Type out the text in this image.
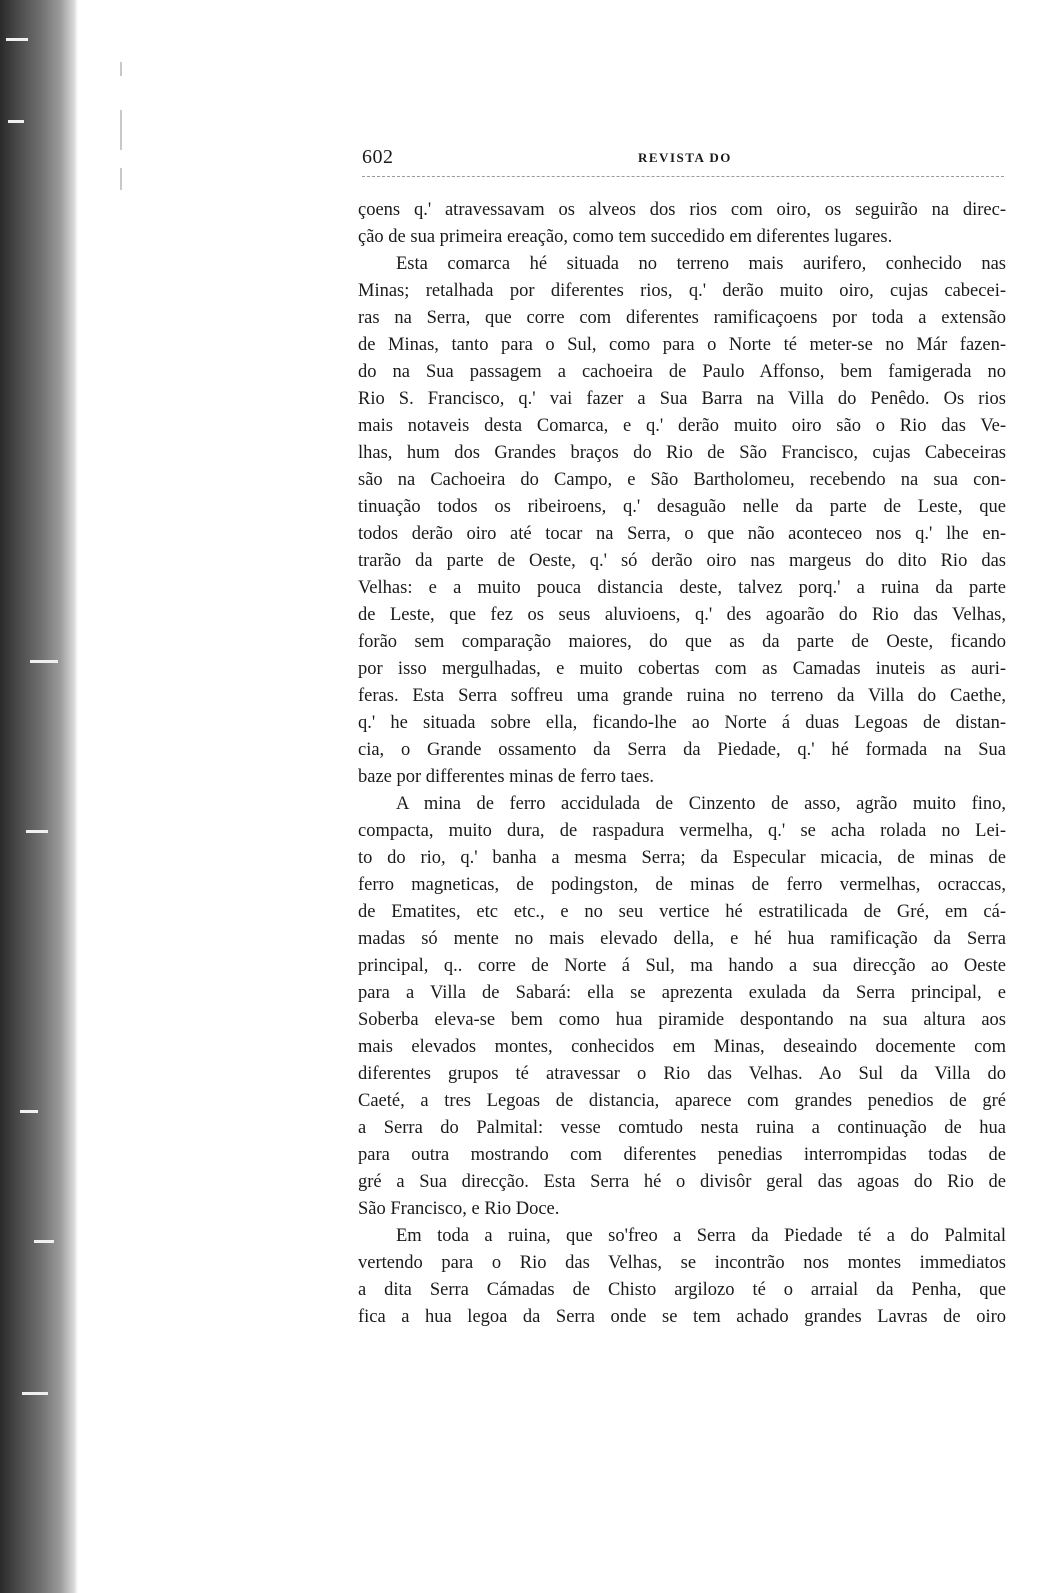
602	REVISTA DO
çoens q.' atravessavam os alveos dos rios com oiro, os seguirão na direc-
ção de sua primeira ereação, como tem succedido em diferentes lugares.
Esta comarca hé situada no terreno mais aurifero, conhecido nas
Minas; retalhada por diferentes rios, q.' derão muito oiro, cujas cabecei-
ras na Serra, que corre com diferentes ramificaçoens por toda a extensão
de Minas, tanto para o Sul, como para o Norte té meter-se no Már fazen-
do na Sua passagem a cachoeira de Paulo Affonso, bem famigerada no
Rio S. Francisco, q.' vai fazer a Sua Barra na Villa do Penêdo. Os rios
mais notaveis desta Comarca, e q.' derão muito oiro são o Rio das Ve-
lhas, hum dos Grandes braços do Rio de São Francisco, cujas Cabeceiras
são na Cachoeira do Campo, e São Bartholomeu, recebendo na sua con-
tinuação todos os ribeiroens, q.' desaguão nelle da parte de Leste, que
todos derão oiro até tocar na Serra, o que não aconteceo nos q.' lhe en-
trarão da parte de Oeste, q.' só derão oiro nas margeus do dito Rio das
Velhas: e a muito pouca distancia deste, talvez porq.' a ruina da parte
de Leste, que fez os seus aluvioens, q.' des agoarão do Rio das Velhas,
forão sem comparação maiores, do que as da parte de Oeste, ficando
por isso mergulhadas, e muito cobertas com as Camadas inuteis as auri-
feras. Esta Serra soffreu uma grande ruina no terreno da Villa do Caethe,
q.' he situada sobre ella, ficando-lhe ao Norte á duas Legoas de distan-
cia, o Grande ossamento da Serra da Piedade, q.' hé formada na Sua
baze por differentes minas de ferro taes.
A mina de ferro accidulada de Cinzento de asso, agrão muito fino,
compacta, muito dura, de raspadura vermelha, q.' se acha rolada no Lei-
to do rio, q.' banha a mesma Serra; da Especular micacia, de minas de
ferro magneticas, de podingston, de minas de ferro vermelhas, ocraccas,
de Ematites, etc etc., e no seu vertice hé estratilicada de Gré, em cá-
madas só mente no mais elevado della, e hé hua ramificação da Serra
principal, q.. corre de Norte á Sul, ma hando a sua direcção ao Oeste
para a Villa de Sabará: ella se aprezenta exulada da Serra principal, e
Soberba eleva-se bem como hua piramide despontando na sua altura aos
mais elevados montes, conhecidos em Minas, deseaindo docemente com
diferentes grupos té atravessar o Rio das Velhas. Ao Sul da Villa do
Caeté, a tres Legoas de distancia, aparece com grandes penedios de gré
a Serra do Palmital: vesse comtudo nesta ruina a continuação de hua
para outra mostrando com diferentes penedias interrompidas todas de
gré a Sua direcção. Esta Serra hé o divisôr geral das agoas do Rio de
São Francisco, e Rio Doce.
Em toda a ruina, que so'freo a Serra da Piedade té a do Palmital
vertendo para o Rio das Velhas, se incontrão nos montes immediatos
a dita Serra Cámadas de Chisto argilozo té o arraial da Penha, que
fica a hua legoa da Serra onde se tem achado grandes Lavras de oiro
